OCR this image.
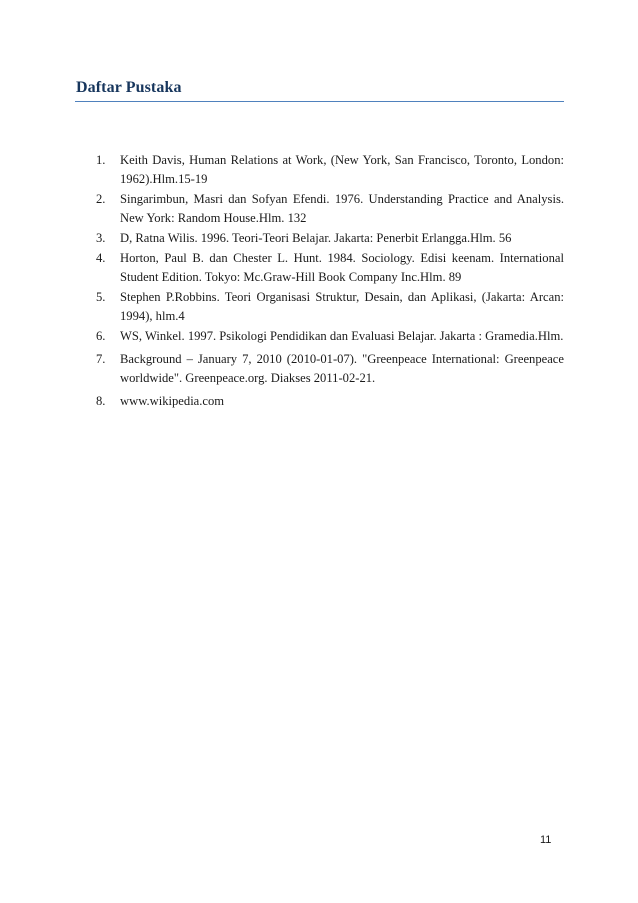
Daftar Pustaka
1.	Keith Davis, Human Relations at Work, (New York, San Francisco, Toronto, London: 1962).Hlm.15-19
2.	Singarimbun, Masri dan Sofyan Efendi. 1976. Understanding Practice and Analysis. New York: Random House.Hlm. 132
3.	D, Ratna Wilis. 1996. Teori-Teori Belajar. Jakarta: Penerbit Erlangga.Hlm. 56
4.	Horton, Paul B. dan Chester L. Hunt. 1984. Sociology. Edisi keenam. International Student Edition. Tokyo: Mc.Graw-Hill Book Company Inc.Hlm. 89
5.	Stephen P.Robbins. Teori Organisasi Struktur, Desain, dan Aplikasi, (Jakarta: Arcan: 1994), hlm.4
6.	WS, Winkel. 1997. Psikologi Pendidikan dan Evaluasi Belajar. Jakarta : Gramedia.Hlm.
7.	Background – January 7, 2010 (2010-01-07). "Greenpeace International: Greenpeace worldwide". Greenpeace.org. Diakses 2011-02-21.
8.	www.wikipedia.com
11
